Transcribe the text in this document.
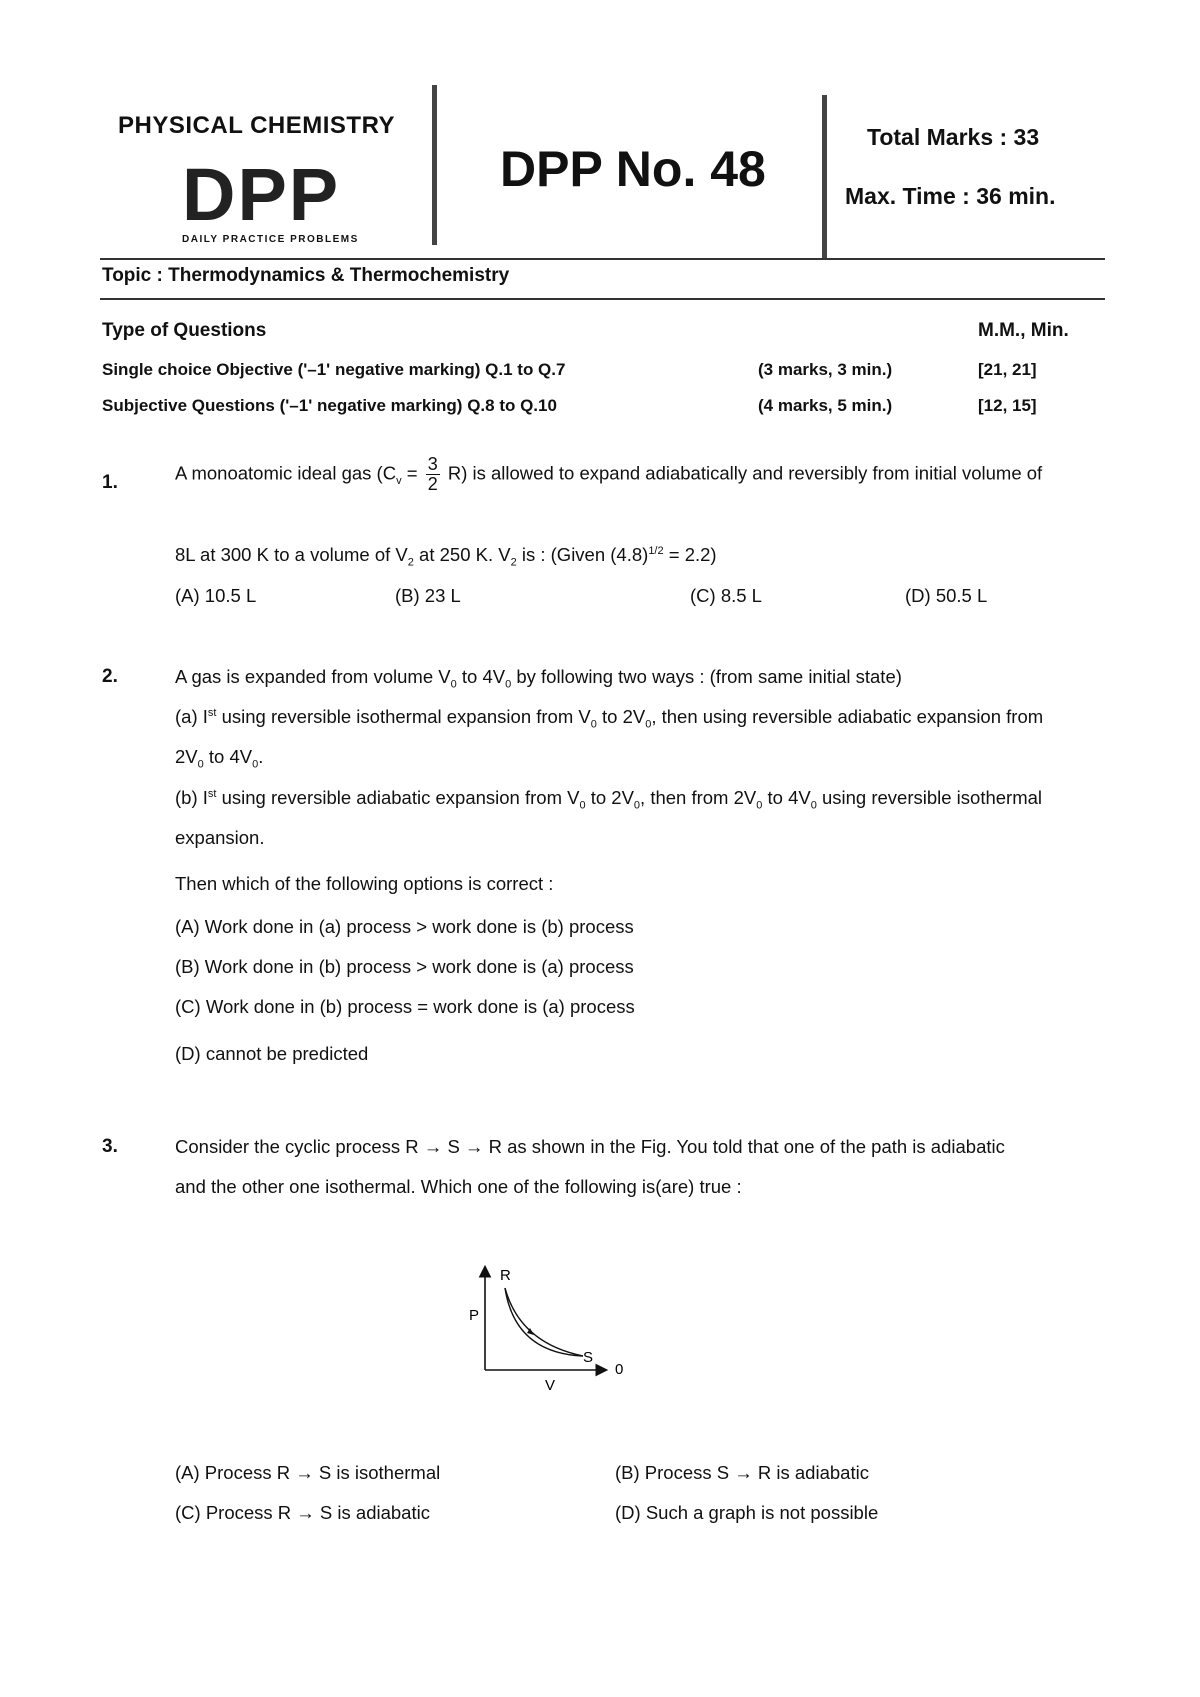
PHYSICAL CHEMISTRY
DPP
DAILY PRACTICE PROBLEMS
DPP No. 48
Total Marks : 33
Max. Time : 36 min.
Topic : Thermodynamics & Thermochemistry
Type of Questions	M.M., Min.
Single choice Objective ('–1' negative marking) Q.1 to Q.7	(3 marks, 3 min.)	[21, 21]
Subjective Questions ('–1' negative marking) Q.8 to Q.10	(4 marks, 5 min.)	[12, 15]
1.	A monoatomic ideal gas $(C_v = \frac{3}{2} R)$ is allowed to expand adiabatically and reversibly from initial volume of
8L at 300 K to a volume of $V_2$ at 250 K. $V_2$ is : (Given $(4.8)^{1/2} = 2.2$)
(A) 10.5 L	(B) 23 L	(C) 8.5 L	(D) 50.5 L
2.	A gas is expanded from volume $V_0$ to $4V_0$ by following two ways : (from same initial state)
(a) Ist using reversible isothermal expansion from $V_0$ to $2V_0$, then using reversible adiabatic expansion from
$2V_0$ to $4V_0$.
(b) Ist using reversible adiabatic expansion from $V_0$ to $2V_0$, then from $2V_0$ to $4V_0$ using reversible isothermal
expansion.
Then which of the following options is correct :
(A) Work done in (a) process > work done is (b) process
(B) Work done in (b) process > work done is (a) process
(C) Work done in (b) process = work done is (a) process
(D) cannot be predicted
3.	Consider the cyclic process R → S → R as shown in the Fig. You told that one of the path is adiabatic
and the other one isothermal. Which one of the following is(are) true :
R
S
P
V
0
(A) Process R → S is isothermal	(B) Process S → R is adiabatic
(C) Process R → S is adiabatic	(D) Such a graph is not possible
